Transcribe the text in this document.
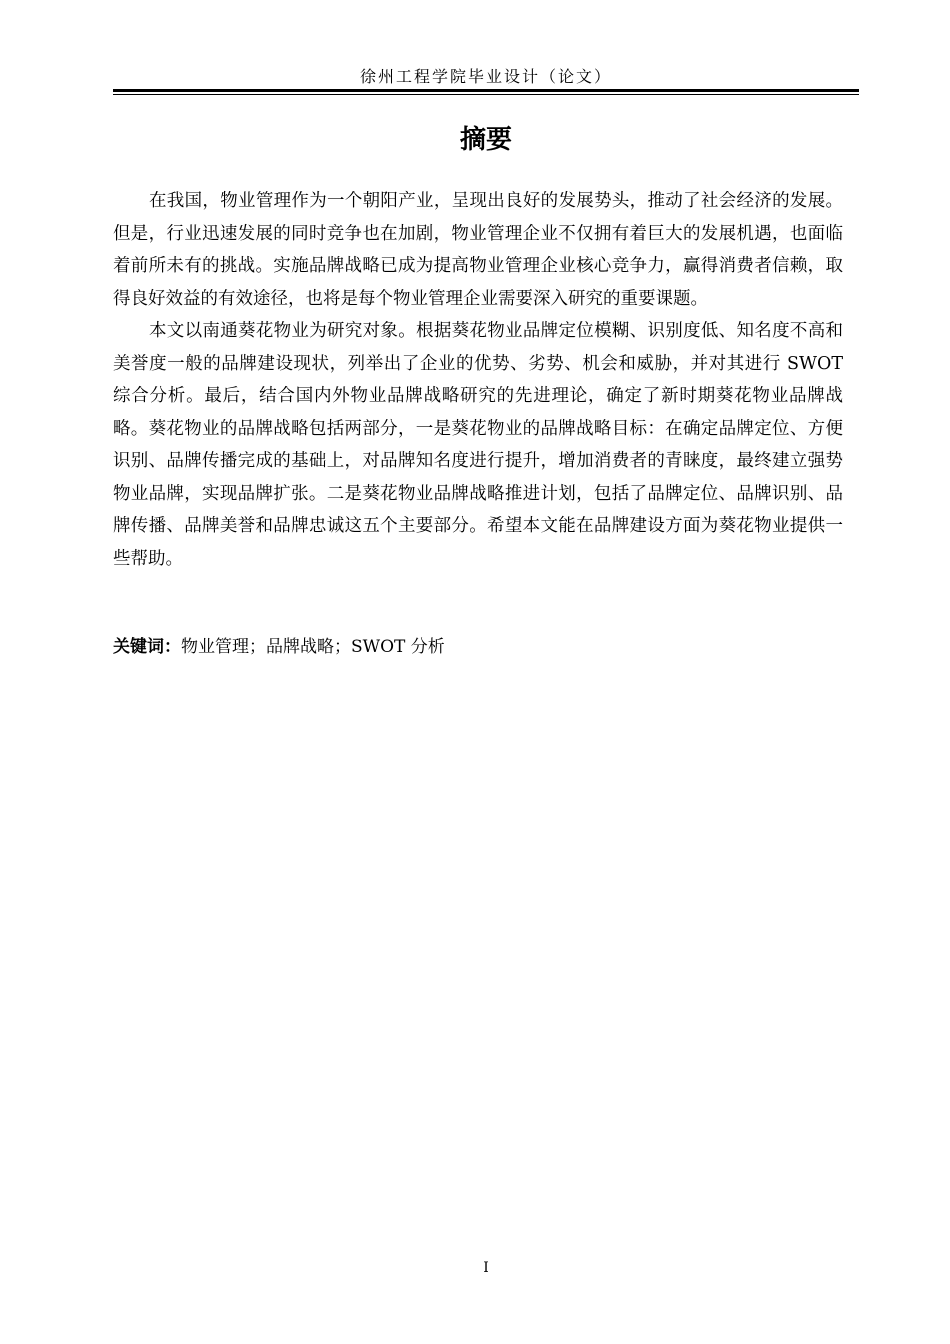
徐州工程学院毕业设计（论文）
摘要

在我国，物业管理作为一个朝阳产业，呈现出良好的发展势头，推动了社会经济的发展。但是，行业迅速发展的同时竞争也在加剧，物业管理企业不仅拥有着巨大的发展机遇，也面临着前所未有的挑战。实施品牌战略已成为提高物业管理企业核心竞争力，赢得消费者信赖，取得良好效益的有效途径，也将是每个物业管理企业需要深入研究的重要课题。

本文以南通葵花物业为研究对象。根据葵花物业品牌定位模糊、识别度低、知名度不高和美誉度一般的品牌建设现状，列举出了企业的优势、劣势、机会和威胁，并对其进行 SWOT 综合分析。最后，结合国内外物业品牌战略研究的先进理论，确定了新时期葵花物业品牌战略。葵花物业的品牌战略包括两部分，一是葵花物业的品牌战略目标：在确定品牌定位、方便识别、品牌传播完成的基础上，对品牌知名度进行提升，增加消费者的青睐度，最终建立强势物业品牌，实现品牌扩张。二是葵花物业品牌战略推进计划，包括了品牌定位、品牌识别、品牌传播、品牌美誉和品牌忠诚这五个主要部分。希望本文能在品牌建设方面为葵花物业提供一些帮助。

关键词：物业管理；品牌战略；SWOT 分析
I
